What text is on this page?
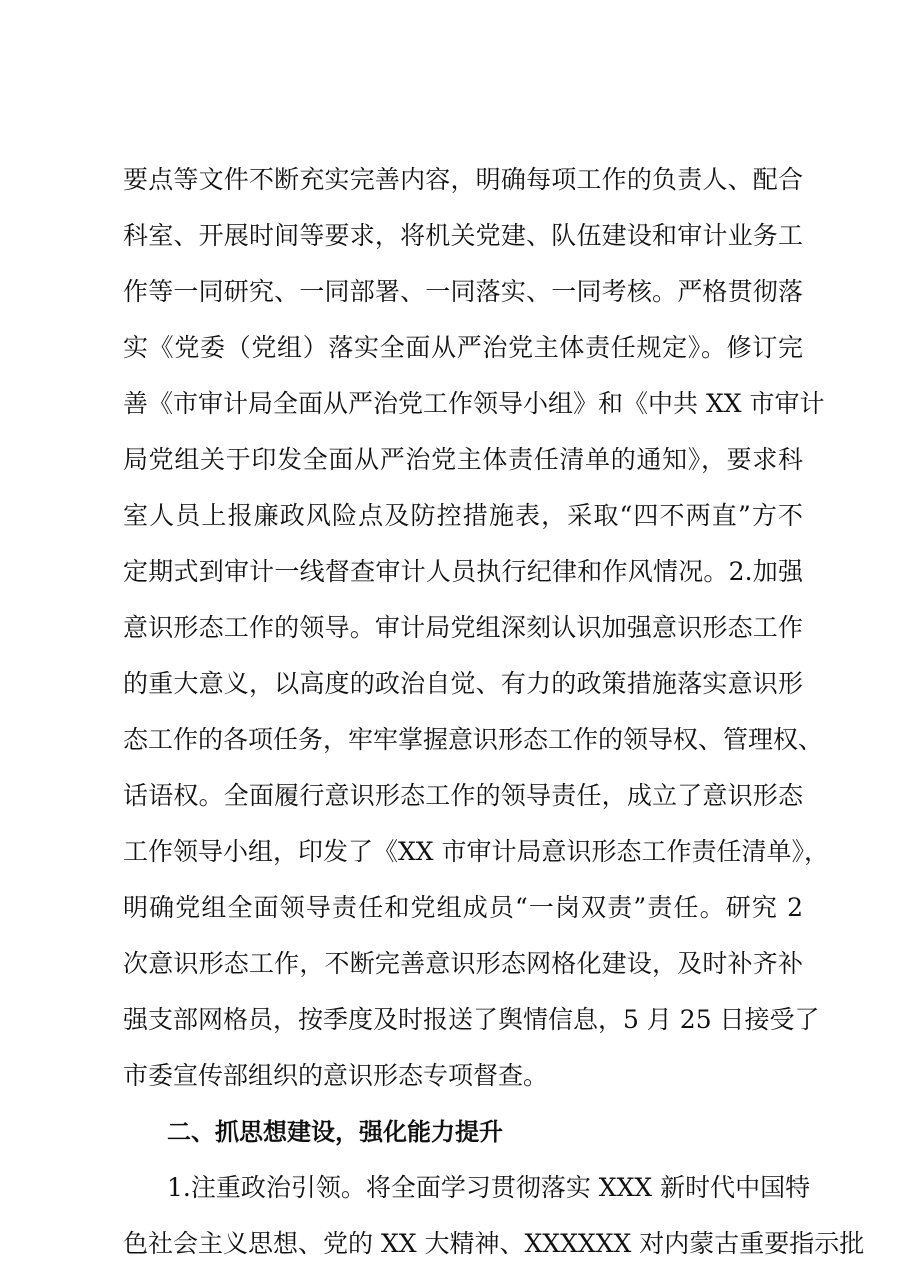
要点等文件不断充实完善内容，明确每项工作的负责人、配合
科室、开展时间等要求，将机关党建、队伍建设和审计业务工
作等一同研究、一同部署、一同落实、一同考核。严格贯彻落
实《党委（党组）落实全面从严治党主体责任规定》。修订完
善《市审计局全面从严治党工作领导小组》和《中共 XX 市审计
局党组关于印发全面从严治党主体责任清单的通知》，要求科
室人员上报廉政风险点及防控措施表，采取“四不两直”方不
定期式到审计一线督查审计人员执行纪律和作风情况。2.加强
意识形态工作的领导。审计局党组深刻认识加强意识形态工作
的重大意义，以高度的政治自觉、有力的政策措施落实意识形
态工作的各项任务，牢牢掌握意识形态工作的领导权、管理权、
话语权。全面履行意识形态工作的领导责任，成立了意识形态
工作领导小组，印发了《XX 市审计局意识形态工作责任清单》，
明确党组全面领导责任和党组成员“一岗双责”责任。研究 2
次意识形态工作，不断完善意识形态网格化建设，及时补齐补
强支部网格员，按季度及时报送了舆情信息，5 月 25 日接受了
市委宣传部组织的意识形态专项督查。
二、抓思想建设，强化能力提升
1.注重政治引领。将全面学习贯彻落实 XXX 新时代中国特
色社会主义思想、党的 XX 大精神、XXXXXX 对内蒙古重要指示批
